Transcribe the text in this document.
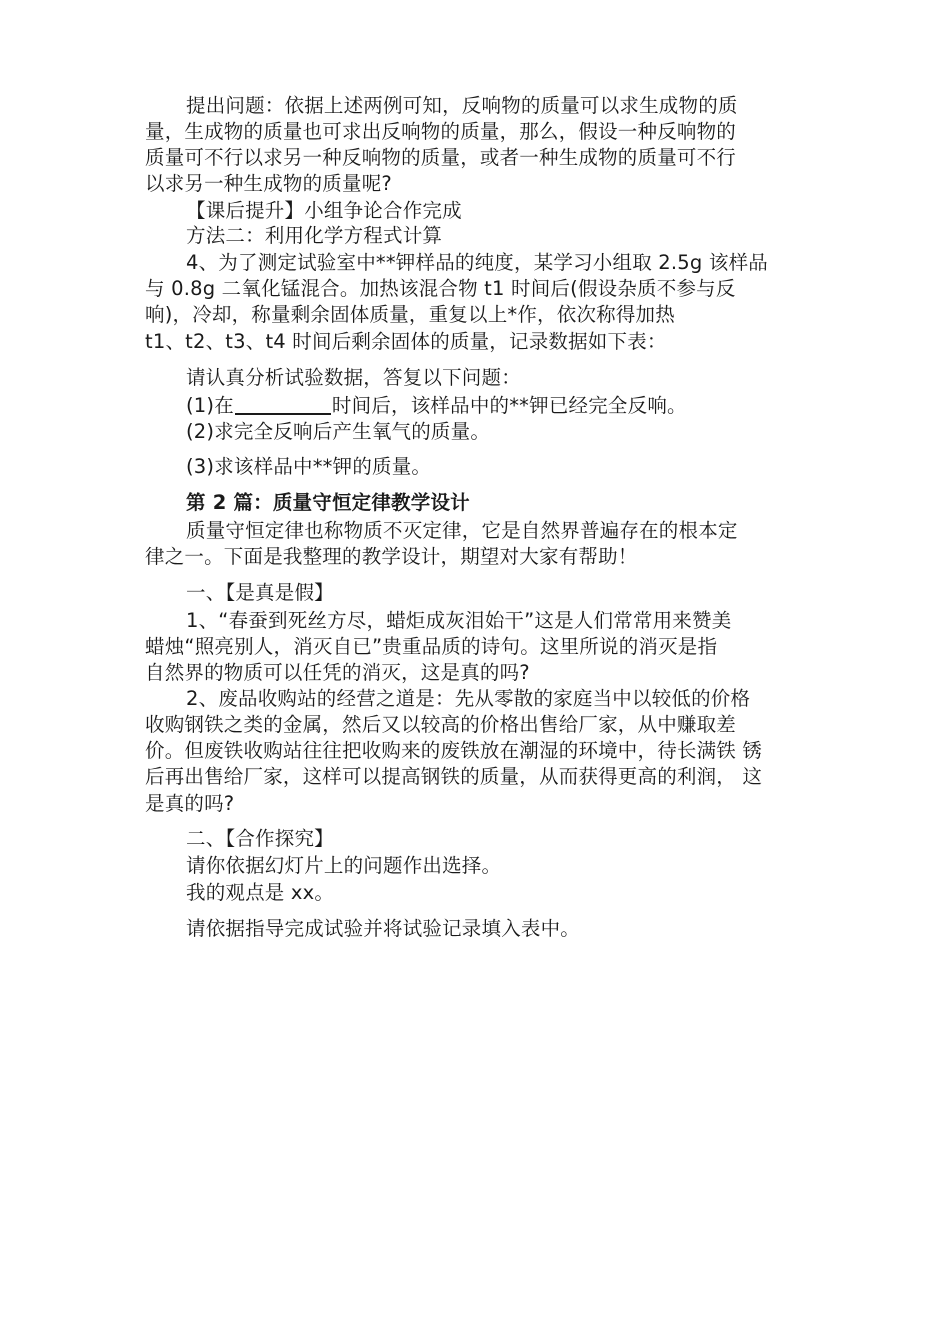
提出问题：依据上述两例可知，反响物的质量可以求生成物的质
量，生成物的质量也可求出反响物的质量，那么，假设一种反响物的
质量可不行以求另一种反响物的质量，或者一种生成物的质量可不行
以求另一种生成物的质量呢?
【课后提升】小组争论合作完成
方法二：利用化学方程式计算
4、为了测定试验室中**钾样品的纯度，某学习小组取 2.5g 该样品
与 0.8g 二氧化锰混合。加热该混合物 t1 时间后(假设杂质不参与反
响)，冷却，称量剩余固体质量，重复以上*作，依次称得加热
t1、t2、t3、t4 时间后剩余固体的质量，记录数据如下表：
请认真分析试验数据，答复以下问题：
(1)在	时间后，该样品中的**钾已经完全反响。
(2)求完全反响后产生氧气的质量。
(3)求该样品中**钾的质量。
第 2 篇：质量守恒定律教学设计
质量守恒定律也称物质不灭定律，它是自然界普遍存在的根本定
律之一。下面是我整理的教学设计，期望对大家有帮助！
一、【是真是假】
1、“春蚕到死丝方尽，蜡炬成灰泪始干”这是人们常常用来赞美
蜡烛“照亮别人，消灭自已”贵重品质的诗句。这里所说的消灭是指
自然界的物质可以任凭的消灭，这是真的吗?
2、废品收购站的经营之道是：先从零散的家庭当中以较低的价格
收购钢铁之类的金属，然后又以较高的价格出售给厂家，从中赚取差
价。但废铁收购站往往把收购来的废铁放在潮湿的环境中，待长满铁 锈
后再出售给厂家，这样可以提高钢铁的质量，从而获得更高的利润， 这
是真的吗?
二、【合作探究】
请你依据幻灯片上的问题作出选择。
我的观点是 xx。
请依据指导完成试验并将试验记录填入表中。
